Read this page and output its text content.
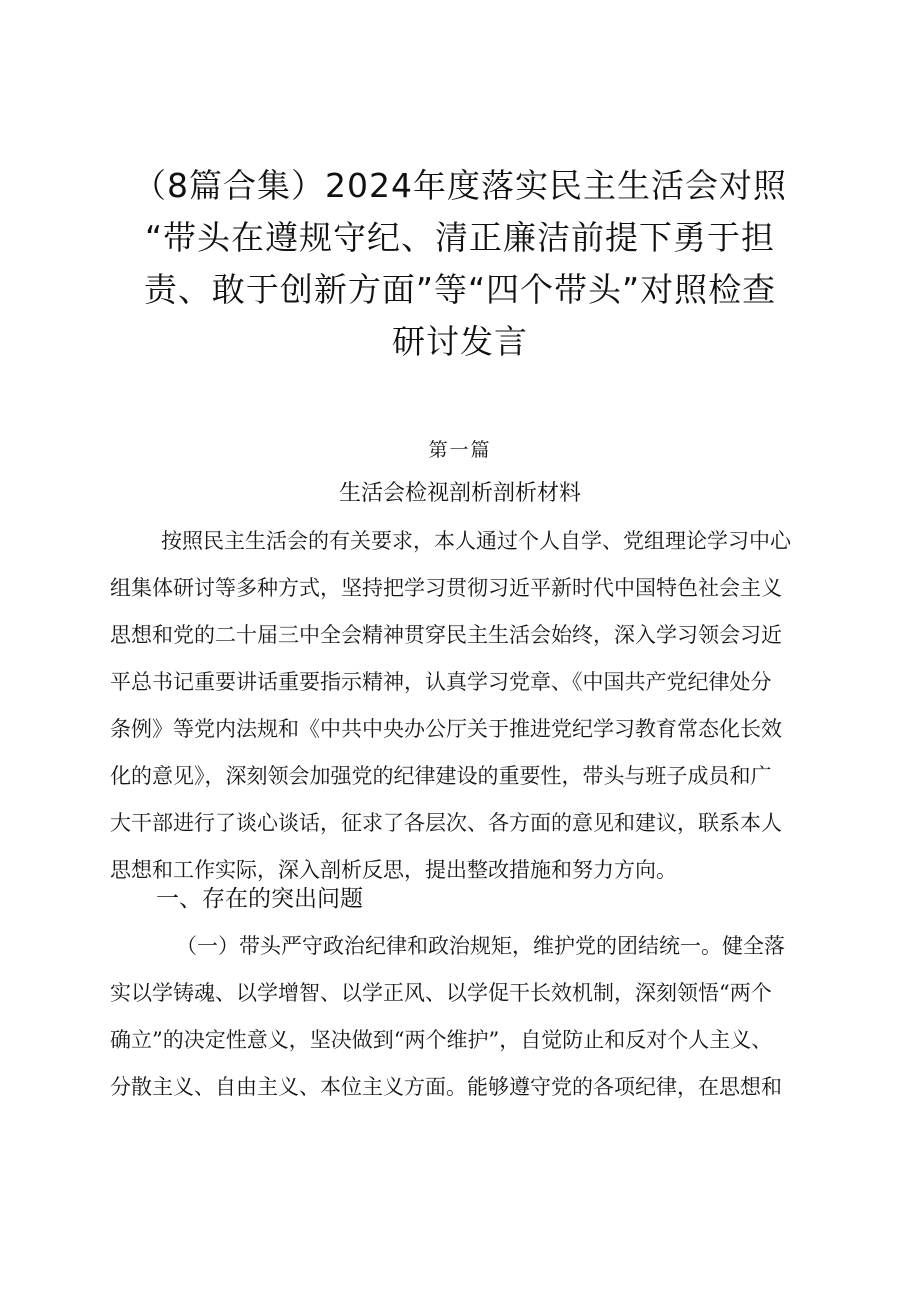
（8篇合集）2024年度落实民主生活会对照
“带头在遵规守纪、清正廉洁前提下勇于担
责、敢于创新方面”等“四个带头”对照检查
研讨发言
第一篇
生活会检视剖析剖析材料
按照民主生活会的有关要求，本人通过个人自学、党组理论学习中心
组集体研讨等多种方式，坚持把学习贯彻习近平新时代中国特色社会主义
思想和党的二十届三中全会精神贯穿民主生活会始终，深入学习领会习近
平总书记重要讲话重要指示精神，认真学习党章、《中国共产党纪律处分
条例》等党内法规和《中共中央办公厅关于推进党纪学习教育常态化长效
化的意见》，深刻领会加强党的纪律建设的重要性，带头与班子成员和广
大干部进行了谈心谈话，征求了各层次、各方面的意见和建议，联系本人
思想和工作实际，深入剖析反思，提出整改措施和努力方向。
一、存在的突出问题
（一）带头严守政治纪律和政治规矩，维护党的团结统一。健全落
实以学铸魂、以学增智、以学正风、以学促干长效机制，深刻领悟“两个
确立”的决定性意义，坚决做到“两个维护”，自觉防止和反对个人主义、
分散主义、自由主义、本位主义方面。能够遵守党的各项纪律，在思想和
